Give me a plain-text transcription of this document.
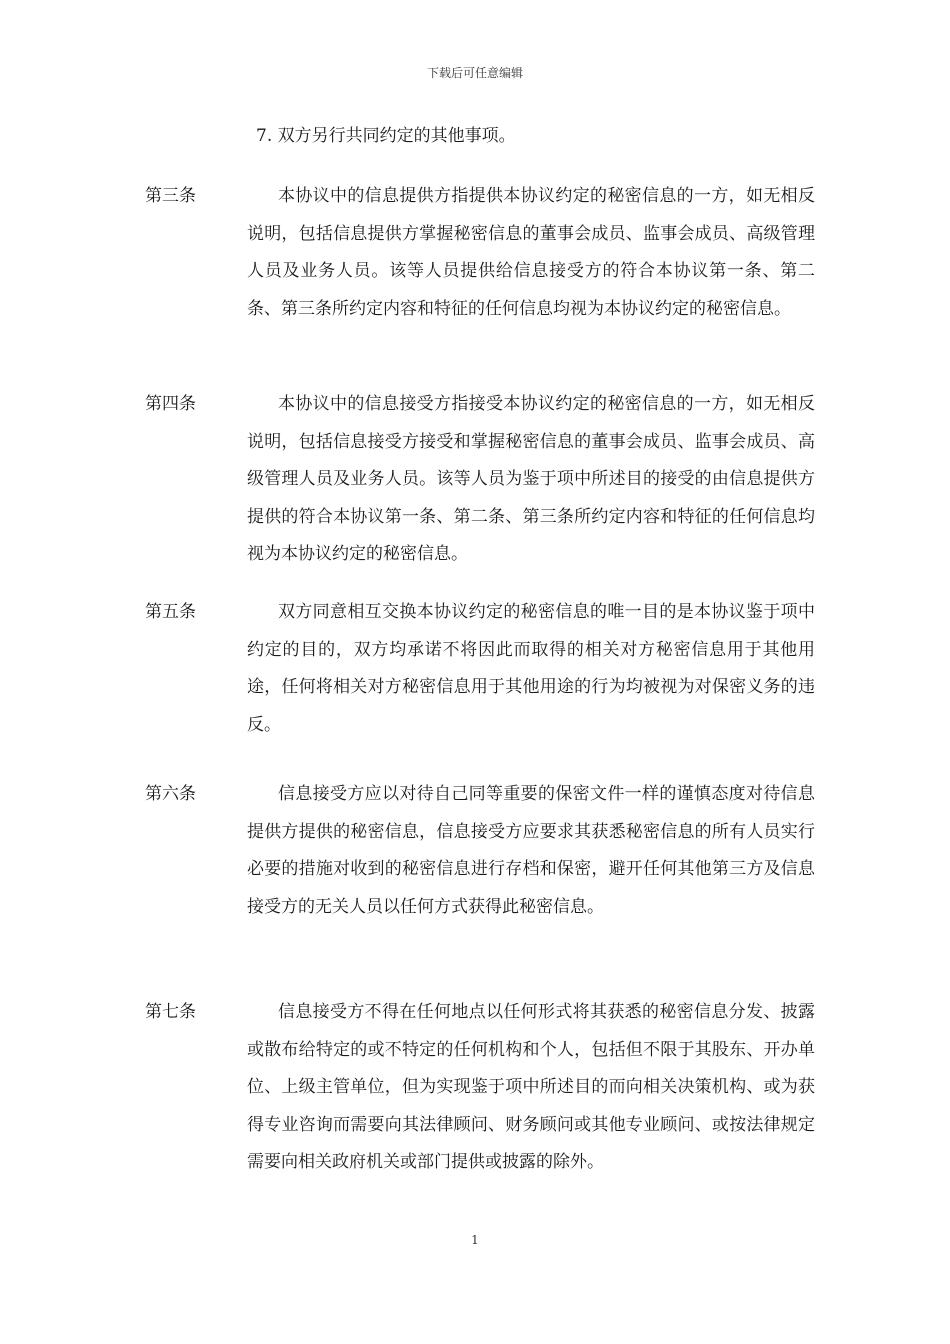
下载后可任意编辑
7. 双方另行共同约定的其他事项。
第三条	本协议中的信息提供方指提供本协议约定的秘密信息的一方，如无相反说明，包括信息提供方掌握秘密信息的董事会成员、监事会成员、高级管理人员及业务人员。该等人员提供给信息接受方的符合本协议第一条、第二条、第三条所约定内容和特征的任何信息均视为本协议约定的秘密信息。
第四条	本协议中的信息接受方指接受本协议约定的秘密信息的一方，如无相反说明，包括信息接受方接受和掌握秘密信息的董事会成员、监事会成员、高级管理人员及业务人员。该等人员为鉴于项中所述目的接受的由信息提供方提供的符合本协议第一条、第二条、第三条所约定内容和特征的任何信息均视为本协议约定的秘密信息。
第五条	双方同意相互交换本协议约定的秘密信息的唯一目的是本协议鉴于项中约定的目的，双方均承诺不将因此而取得的相关对方秘密信息用于其他用途，任何将相关对方秘密信息用于其他用途的行为均被视为对保密义务的违反。
第六条	信息接受方应以对待自己同等重要的保密文件一样的谨慎态度对待信息提供方提供的秘密信息，信息接受方应要求其获悉秘密信息的所有人员实行必要的措施对收到的秘密信息进行存档和保密，避开任何其他第三方及信息接受方的无关人员以任何方式获得此秘密信息。
第七条	信息接受方不得在任何地点以任何形式将其获悉的秘密信息分发、披露或散布给特定的或不特定的任何机构和个人，包括但不限于其股东、开办单位、上级主管单位，但为实现鉴于项中所述目的而向相关决策机构、或为获得专业咨询而需要向其法律顾问、财务顾问或其他专业顾问、或按法律规定需要向相关政府机关或部门提供或披露的除外。
1
